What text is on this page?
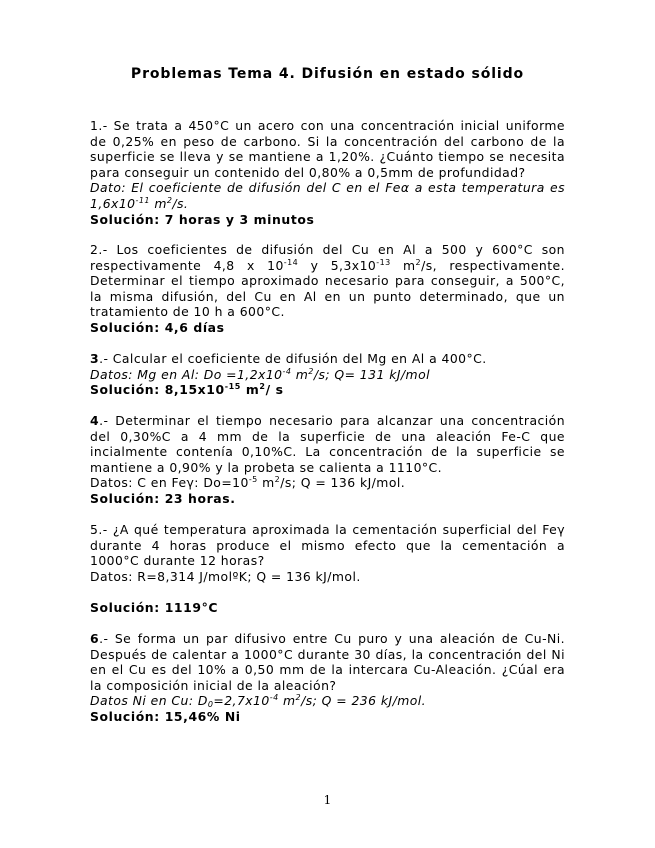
Problemas Tema 4. Difusión en estado sólido
1.- Se trata a 450°C un acero con una concentración inicial uniforme de 0,25% en peso de carbono. Si la concentración del carbono de la superficie se lleva y se mantiene a 1,20%. ¿Cuánto tiempo se necesita para conseguir un contenido del 0,80% a 0,5mm de profundidad?
Dato: El coeficiente de difusión del C en el Feα a esta temperatura es $1,6x10^{-11}$ $m^2/s$.
Solución: 7 horas y 3 minutos
2.- Los coeficientes de difusión del Cu en Al a 500 y 600°C son respectivamente 4,8 x $10^{-14}$ y $5,3x10^{-13}$ $m^2/s$, respectivamente. Determinar el tiempo aproximado necesario para conseguir, a 500°C, la misma difusión, del Cu en Al en un punto determinado, que un tratamiento de 10 h a 600°C.
Solución: 4,6 días
3.- Calcular el coeficiente de difusión del Mg en Al a 400°C.
Datos: Mg en Al: $Do =1,2x10^{-4}$ $m^2/s$; Q= 131 kJ/mol
Solución: $8,15x10^{-15}$ $m^2/$ s
4.- Determinar el tiempo necesario para alcanzar una concentración del 0,30%C a 4 mm de la superficie de una aleación Fe-C que incialmente contenía 0,10%C. La concentración de la superficie se mantiene a 0,90% y la probeta se calienta a 1110°C.
Datos: C en Feγ: $Do=10^{-5}$ $m^2/s$; Q = 136 kJ/mol.
Solución: 23 horas.
5.- ¿A qué temperatura aproximada la cementación superficial del Feγ durante 4 horas produce el mismo efecto que la cementación a 1000°C durante 12 horas?
Datos: R=8,314 J/molºK; Q = 136 kJ/mol.
Solución: 1119°C
6.- Se forma un par difusivo entre Cu puro y una aleación de Cu-Ni. Después de calentar a 1000°C durante 30 días, la concentración del Ni en el Cu es del 10% a 0,50 mm de la intercara Cu-Aleación. ¿Cúal era la composición inicial de la aleación?
Datos Ni en Cu: $D_0=2,7x10^{-4}$ $m^2/s$; Q = 236 kJ/mol.
Solución: 15,46% Ni
1
